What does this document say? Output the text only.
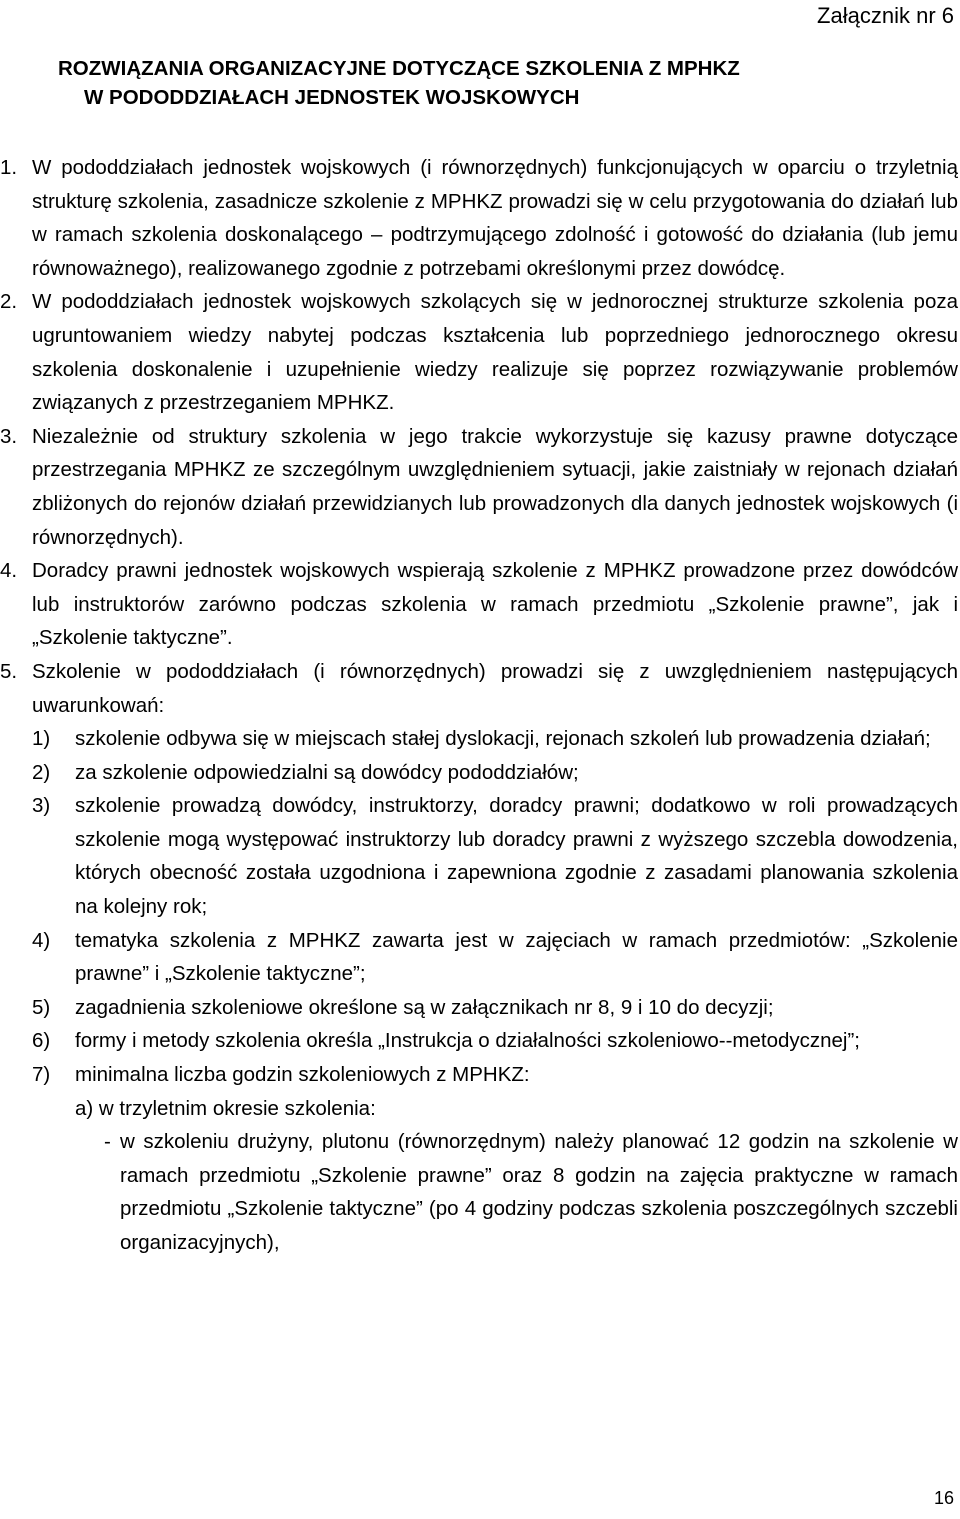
Załącznik nr 6
ROZWIĄZANIA ORGANIZACYJNE DOTYCZĄCE SZKOLENIA Z MPHKZ
W PODODDZIAŁACH JEDNOSTEK WOJSKOWYCH
1. W pododdziałach jednostek wojskowych (i równorzędnych) funkcjonujących w oparciu o trzyletnią strukturę szkolenia, zasadnicze szkolenie z MPHKZ prowadzi się w celu przygotowania do działań lub w ramach szkolenia doskonalącego – podtrzymującego zdolność i gotowość do działania (lub jemu równoważnego), realizowanego zgodnie z potrzebami określonymi przez dowódcę.
2. W pododdziałach jednostek wojskowych szkolących się w jednorocznej strukturze szkolenia poza ugruntowaniem wiedzy nabytej podczas kształcenia lub poprzedniego jednorocznego okresu szkolenia doskonalenie i uzupełnienie wiedzy realizuje się poprzez rozwiązywanie problemów związanych z przestrzeganiem MPHKZ.
3. Niezależnie od struktury szkolenia w jego trakcie wykorzystuje się kazusy prawne dotyczące przestrzegania MPHKZ ze szczególnym uwzględnieniem sytuacji, jakie zaistniały w rejonach działań zbliżonych do rejonów działań przewidzianych lub prowadzonych dla danych jednostek wojskowych (i równorzędnych).
4. Doradcy prawni jednostek wojskowych wspierają szkolenie z MPHKZ prowadzone przez dowódców lub instruktorów zarówno podczas szkolenia w ramach przedmiotu „Szkolenie prawne”, jak i „Szkolenie taktyczne”.
5. Szkolenie w pododdziałach (i równorzędnych) prowadzi się z uwzględnieniem następujących uwarunkowań:
1) szkolenie odbywa się w miejscach stałej dyslokacji, rejonach szkoleń lub prowadzenia działań;
2) za szkolenie odpowiedzialni są dowódcy pododdziałów;
3) szkolenie prowadzą dowódcy, instruktorzy, doradcy prawni; dodatkowo w roli prowadzących szkolenie mogą występować instruktorzy lub doradcy prawni z wyższego szczebla dowodzenia, których obecność została uzgodniona i zapewniona zgodnie z zasadami planowania szkolenia na kolejny rok;
4) tematyka szkolenia z MPHKZ zawarta jest w zajęciach w ramach przedmiotów: „Szkolenie prawne” i „Szkolenie taktyczne”;
5) zagadnienia szkoleniowe określone są w załącznikach nr 8, 9 i 10 do decyzji;
6) formy i metody szkolenia określa „Instrukcja o działalności szkoleniowo--metodycznej”;
7) minimalna liczba godzin szkoleniowych z MPHKZ:
a) w trzyletnim okresie szkolenia:
- w szkoleniu drużyny, plutonu (równorzędnym) należy planować 12 godzin na szkolenie w ramach przedmiotu „Szkolenie prawne” oraz 8 godzin na zajęcia praktyczne w ramach przedmiotu „Szkolenie taktyczne” (po 4 godziny podczas szkolenia poszczególnych szczebli organizacyjnych),
16
